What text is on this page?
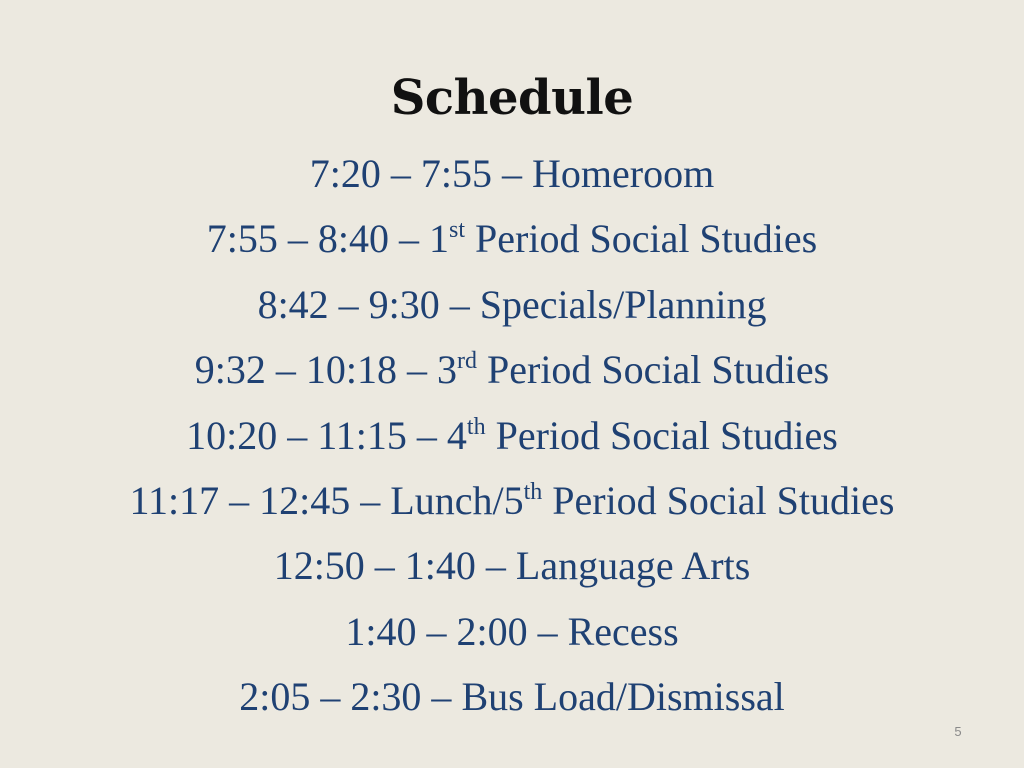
Schedule
7:20 – 7:55 – Homeroom
7:55 – 8:40 – 1st Period Social Studies
8:42 – 9:30 – Specials/Planning
9:32 – 10:18 – 3rd Period Social Studies
10:20 – 11:15 – 4th Period Social Studies
11:17 – 12:45 – Lunch/5th Period Social Studies
12:50 – 1:40 – Language Arts
1:40 – 2:00 – Recess
2:05 – 2:30 – Bus Load/Dismissal
5
